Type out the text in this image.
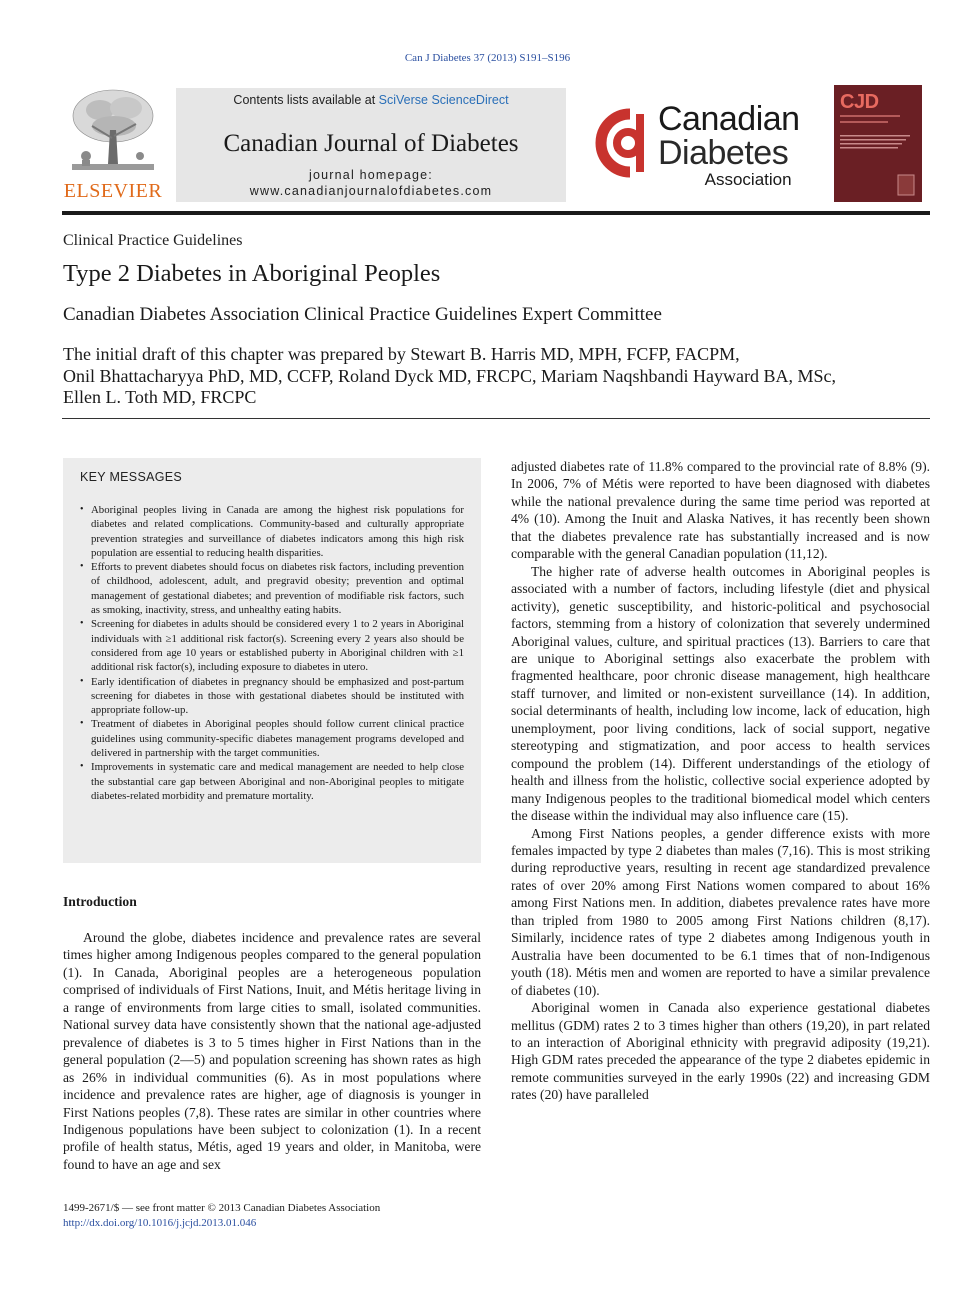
Can J Diabetes 37 (2013) S191–S196
ELSEVIER
Contents lists available at SciVerse ScienceDirect
Canadian Journal of Diabetes
journal homepage:
www.canadianjournalofdiabetes.com
Canadian
Diabetes
Association
CJD
Clinical Practice Guidelines
Type 2 Diabetes in Aboriginal Peoples
Canadian Diabetes Association Clinical Practice Guidelines Expert Committee

The initial draft of this chapter was prepared by Stewart B. Harris MD, MPH, FCFP, FACPM,

Onil Bhattacharyya PhD, MD, CCFP, Roland Dyck MD, FRCPC, Mariam Naqshbandi Hayward BA, MSc,

Ellen L. Toth MD, FRCPC

KEY MESSAGES
• Aboriginal peoples living in Canada are among the highest risk populations for diabetes and related complications. Community-based and culturally appropriate prevention strategies and surveillance of diabetes indicators among this high risk population are essential to reducing health disparities.
• Efforts to prevent diabetes should focus on diabetes risk factors, including prevention of childhood, adolescent, adult, and pregravid obesity; prevention and optimal management of gestational diabetes; and prevention of modifiable risk factors, such as smoking, inactivity, stress, and unhealthy eating habits.
• Screening for diabetes in adults should be considered every 1 to 2 years in Aboriginal individuals with ≥1 additional risk factor(s). Screening every 2 years also should be considered from age 10 years or established puberty in Aboriginal children with ≥1 additional risk factor(s), including exposure to diabetes in utero.
• Early identification of diabetes in pregnancy should be emphasized and post-partum screening for diabetes in those with gestational diabetes should be instituted with appropriate follow-up.
• Treatment of diabetes in Aboriginal peoples should follow current clinical practice guidelines using community-specific diabetes management programs developed and delivered in partnership with the target communities.
• Improvements in systematic care and medical management are needed to help close the substantial care gap between Aboriginal and non-Aboriginal peoples to mitigate diabetes-related morbidity and premature mortality.
Introduction

Around the globe, diabetes incidence and prevalence rates are several times higher among Indigenous peoples compared to the general population (1). In Canada, Aboriginal peoples are a heterogeneous population comprised of individuals of First Nations, Inuit, and Métis heritage living in a range of environments from large cities to small, isolated communities. National survey data have consistently shown that the national age-adjusted prevalence of diabetes is 3 to 5 times higher in First Nations than in the general population (2—5) and population screening has shown rates as high as 26% in individual communities (6). As in most populations where incidence and prevalence rates are higher, age of diagnosis is younger in First Nations peoples (7,8). These rates are similar in other countries where Indigenous populations have been subject to colonization (1). In a recent profile of health status, Métis, aged 19 years and older, in Manitoba, were found to have an age and sex

adjusted diabetes rate of 11.8% compared to the provincial rate of 8.8% (9). In 2006, 7% of Métis were reported to have been diagnosed with diabetes while the national prevalence during the same time period was reported at 4% (10). Among the Inuit and Alaska Natives, it has recently been shown that the diabetes prevalence rate has substantially increased and is now comparable with the general Canadian population (11,12).

The higher rate of adverse health outcomes in Aboriginal peoples is associated with a number of factors, including lifestyle (diet and physical activity), genetic susceptibility, and historic-political and psychosocial factors, stemming from a history of colonization that severely undermined Aboriginal values, culture, and spiritual practices (13). Barriers to care that are unique to Aboriginal settings also exacerbate the problem with fragmented healthcare, poor chronic disease management, high healthcare staff turnover, and limited or non-existent surveillance (14). In addition, social determinants of health, including low income, lack of education, high unemployment, poor living conditions, lack of social support, negative stereotyping and stigmatization, and poor access to health services compound the problem (14). Different understandings of the etiology of health and illness from the holistic, collective social experience adopted by many Indigenous peoples to the traditional biomedical model which centers the disease within the individual may also influence care (15).

Among First Nations peoples, a gender difference exists with more females impacted by type 2 diabetes than males (7,16). This is most striking during reproductive years, resulting in recent age standardized prevalence rates of over 20% among First Nations women compared to about 16% among First Nations men. In addition, diabetes prevalence rates have more than tripled from 1980 to 2005 among First Nations children (8,17). Similarly, incidence rates of type 2 diabetes among Indigenous youth in Australia have been documented to be 6.1 times that of non-Indigenous youth (18). Métis men and women are reported to have a similar prevalence of diabetes (10).

Aboriginal women in Canada also experience gestational diabetes mellitus (GDM) rates 2 to 3 times higher than others (19,20), in part related to an interaction of Aboriginal ethnicity with pregravid adiposity (19,21). High GDM rates preceded the appearance of the type 2 diabetes epidemic in remote communities surveyed in the early 1990s (22) and increasing GDM rates (20) have paralleled

1499-2671/$ — see front matter © 2013 Canadian Diabetes Association
http://dx.doi.org/10.1016/j.jcjd.2013.01.046
